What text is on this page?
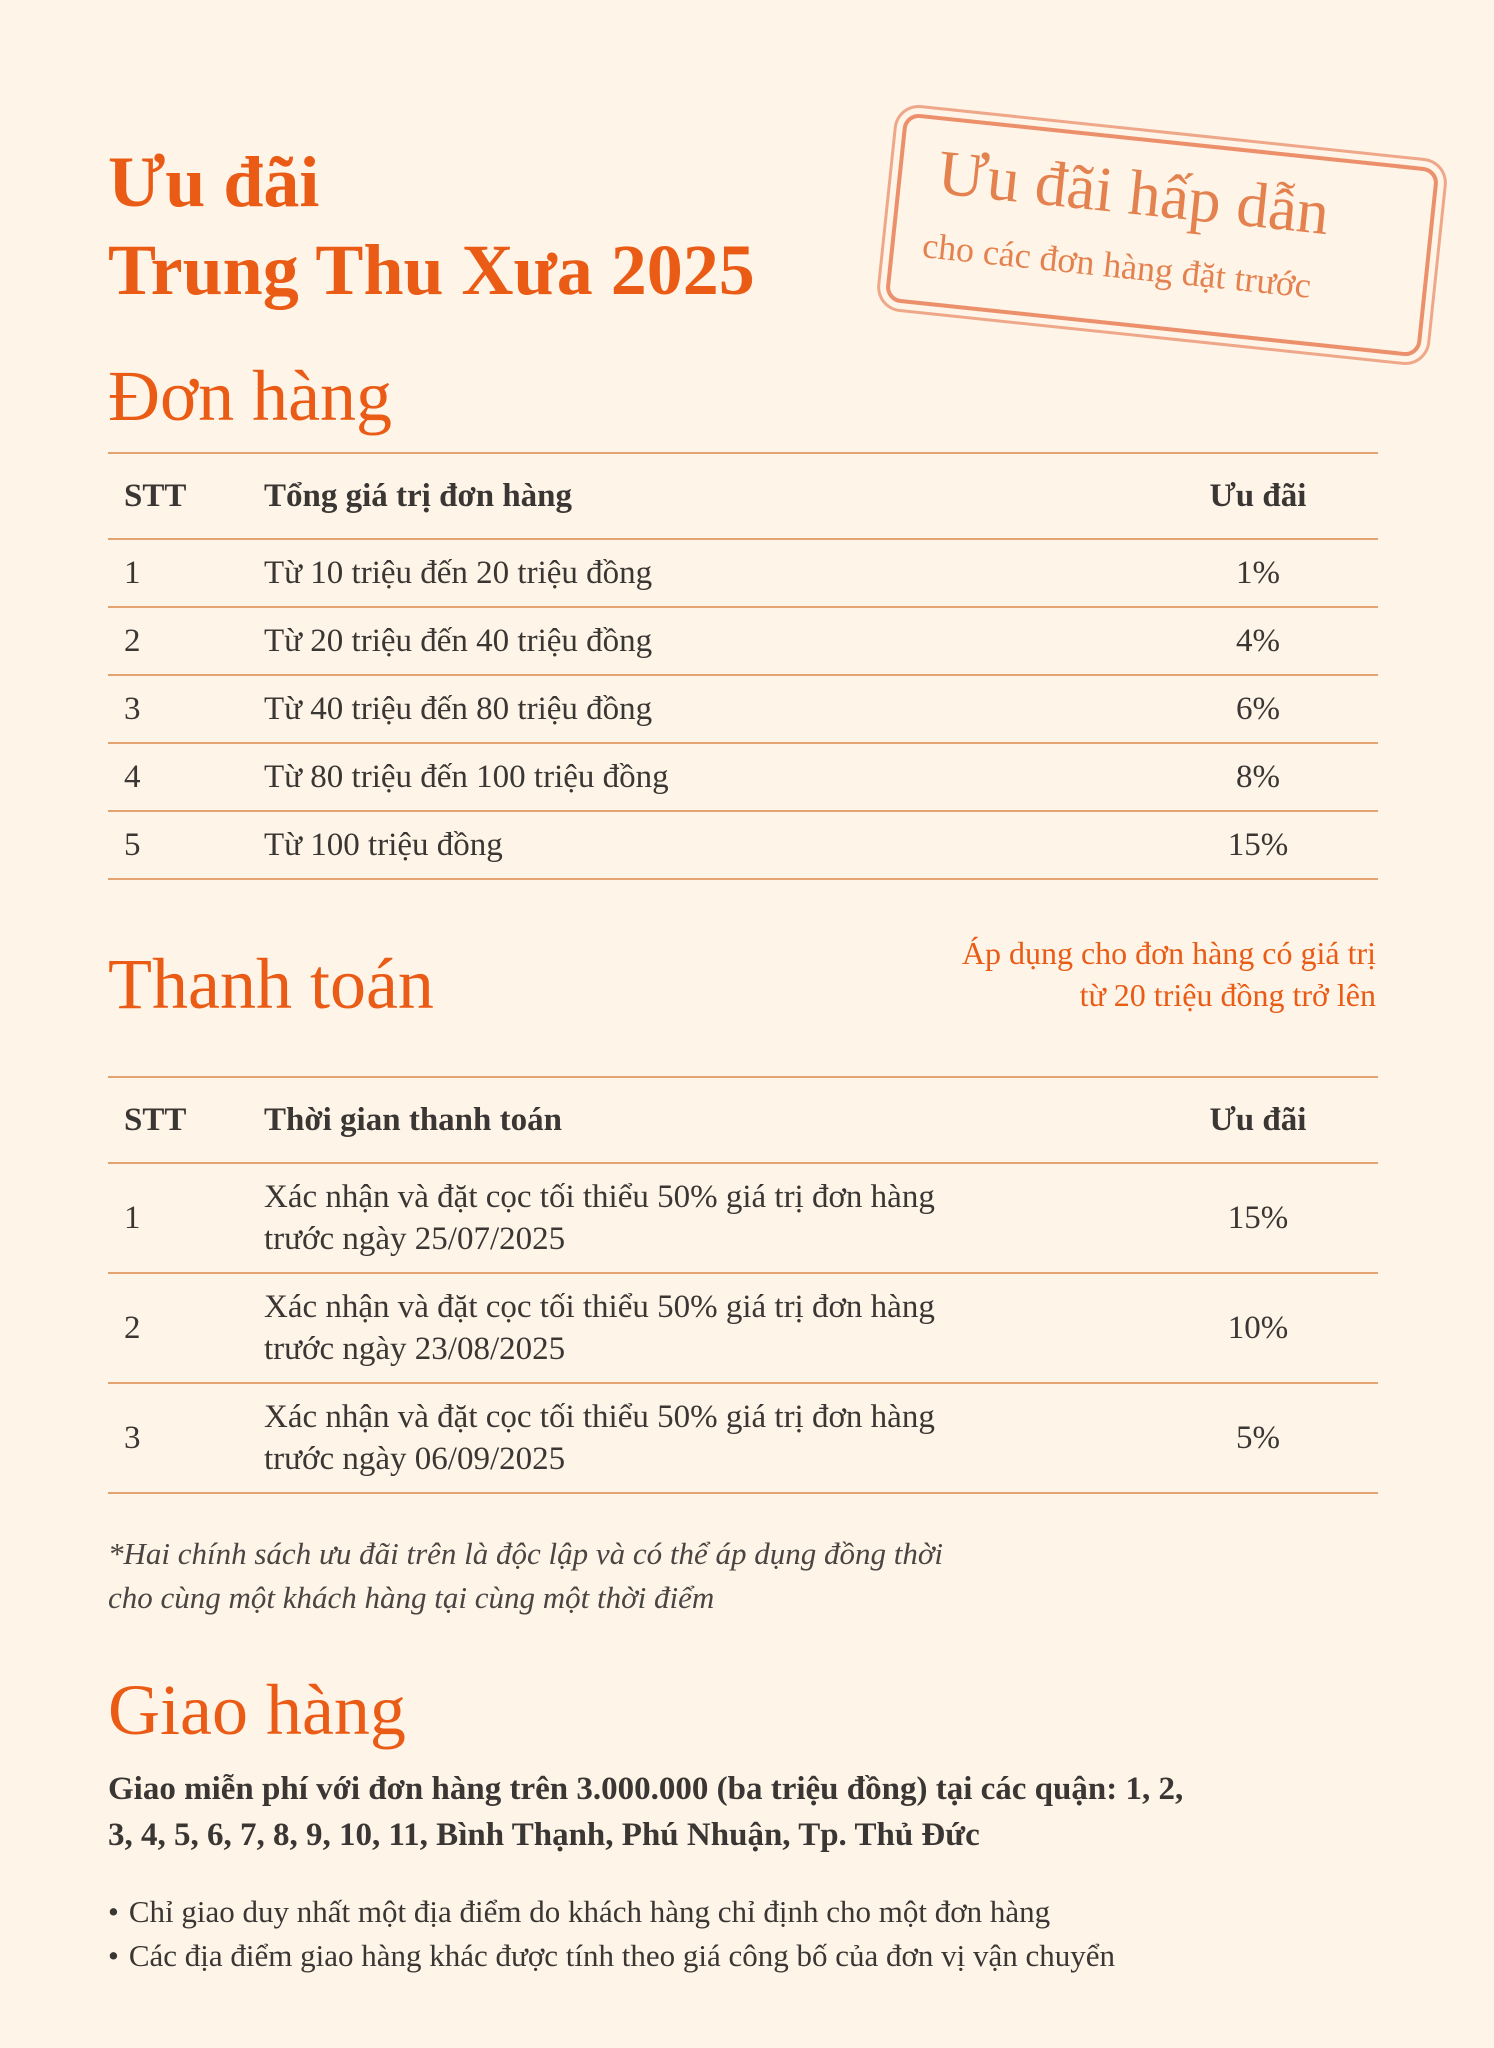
Ưu đãi
Trung Thu Xưa 2025
Ưu đãi hấp dẫn
cho các đơn hàng đặt trước
Đơn hàng
STT	Tổng giá trị đơn hàng	Ưu đãi
1	Từ 10 triệu đến 20 triệu đồng	1%
2	Từ 20 triệu đến 40 triệu đồng	4%
3	Từ 40 triệu đến 80 triệu đồng	6%
4	Từ 80 triệu đến 100 triệu đồng	8%
5	Từ 100 triệu đồng	15%
Thanh toán	Áp dụng cho đơn hàng có giá trị
từ 20 triệu đồng trở lên
STT	Thời gian thanh toán	Ưu đãi
1	Xác nhận và đặt cọc tối thiểu 50% giá trị đơn hàng
trước ngày 25/07/2025	15%
2	Xác nhận và đặt cọc tối thiểu 50% giá trị đơn hàng
trước ngày 23/08/2025	10%
3	Xác nhận và đặt cọc tối thiểu 50% giá trị đơn hàng
trước ngày 06/09/2025	5%

*Hai chính sách ưu đãi trên là độc lập và có thể áp dụng đồng thời
cho cùng một khách hàng tại cùng một thời điểm

Giao hàng

Giao miễn phí với đơn hàng trên 3.000.000 (ba triệu đồng) tại các quận: 1, 2,
3, 4, 5, 6, 7, 8, 9, 10, 11, Bình Thạnh, Phú Nhuận, Tp. Thủ Đức

• Chỉ giao duy nhất một địa điểm do khách hàng chỉ định cho một đơn hàng
• Các địa điểm giao hàng khác được tính theo giá công bố của đơn vị vận chuyển
